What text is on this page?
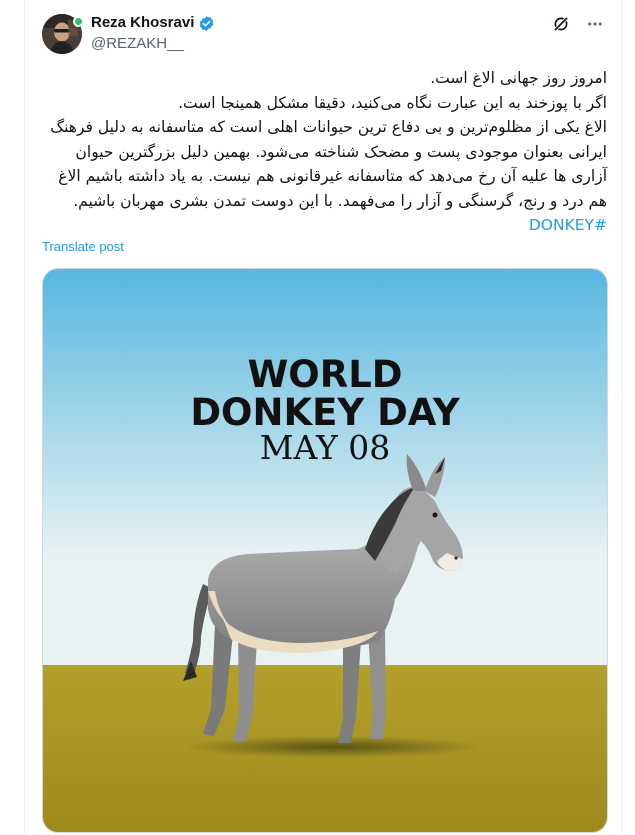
Reza Khosravi
@REZAKH__

امروز روز جهانی الاغ است.

اگر با پوزخند به این عبارت نگاه می‌کنید، دقیقا مشکل همینجا است.

الاغ یکی از مظلوم‌ترین و بی دفاع ترین حیوانات اهلی است که متاسفانه به دلیل فرهنگ ایرانی بعنوان موجودی پست و مضحک شناخته می‌شود. بهمین دلیل بزرگترین حیوان آزاری ها علیه آن رخ می‌دهد که متاسفانه غیرقانونی هم نیست. به یاد داشته باشیم الاغ هم درد و رنج، گرسنگی و آزار را می‌فهمد. با این دوست تمدن بشری مهربان باشیم. #DONKEY

Translate post
WORLD
DONKEY DAY
MAY 08
